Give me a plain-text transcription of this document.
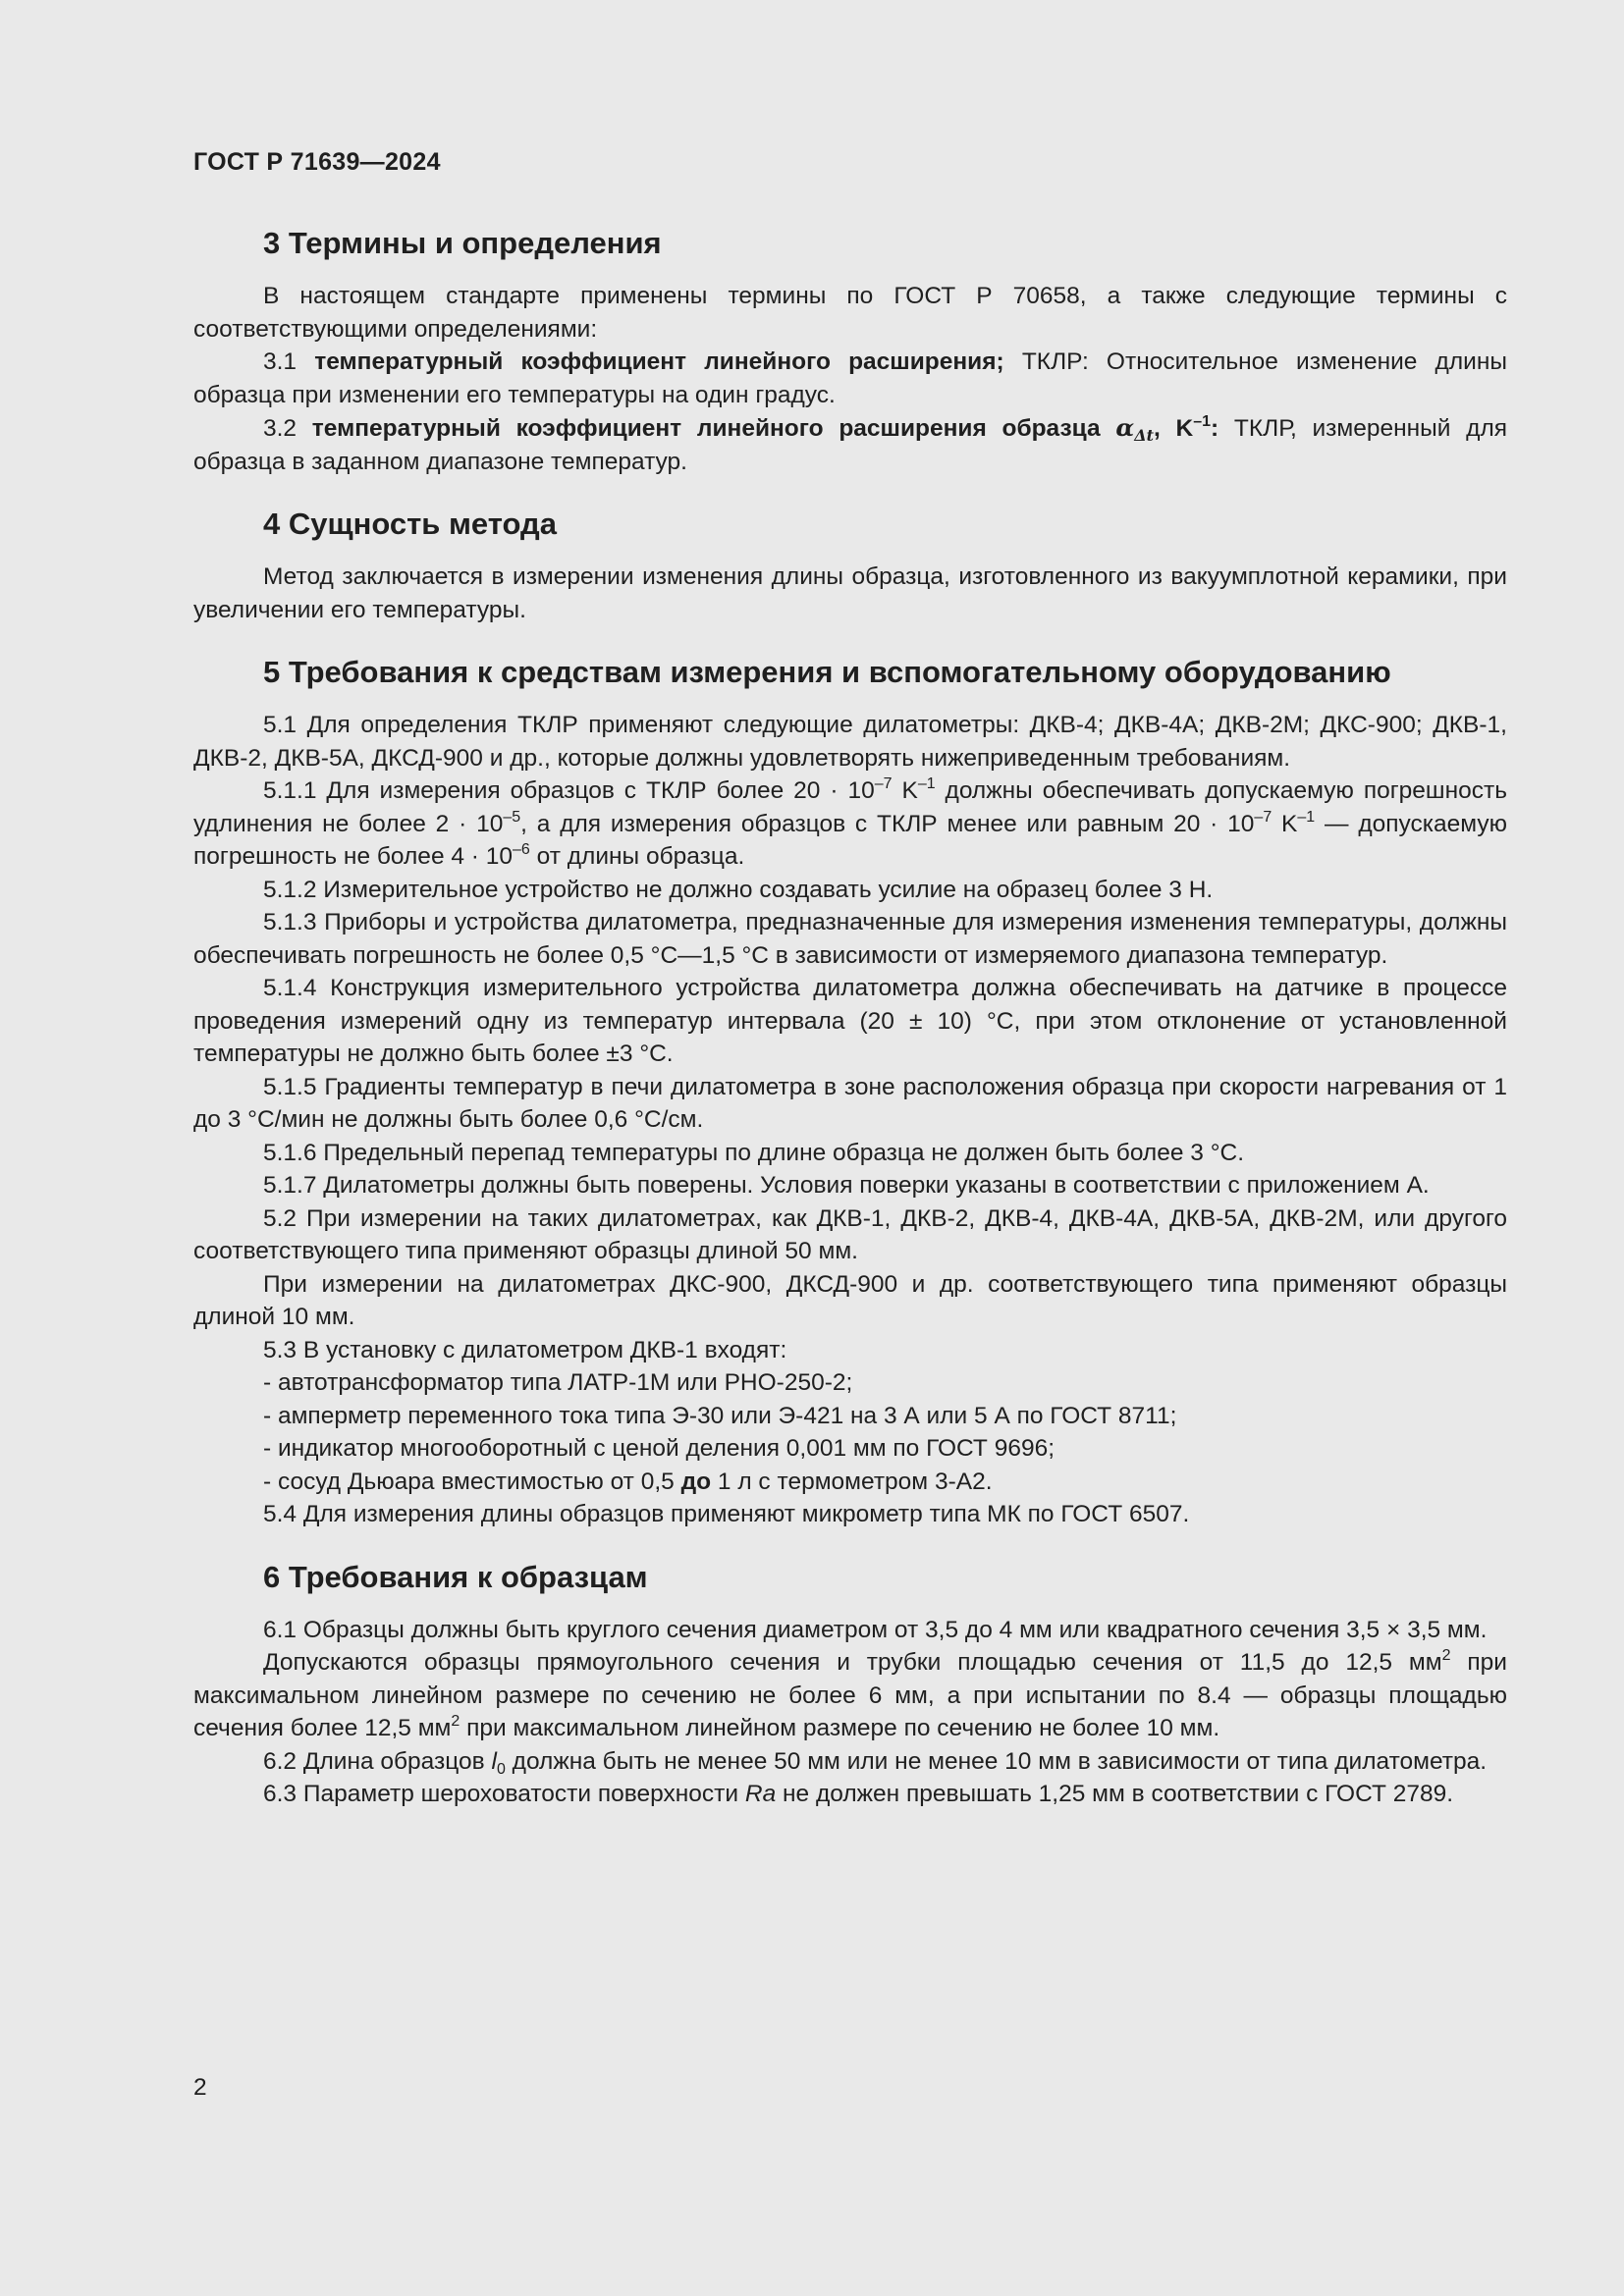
ГОСТ Р 71639—2024
3 Термины и определения

В настоящем стандарте применены термины по ГОСТ Р 70658, а также следующие термины с соответствующими определениями:

3.1 температурный коэффициент линейного расширения; ТКЛР: Относительное изменение длины образца при изменении его температуры на один градус.

3.2 температурный коэффициент линейного расширения образца $\alpha_{\Delta t}$, $K^{-1}$: ТКЛР, измеренный для образца в заданном диапазоне температур.

4 Сущность метода

Метод заключается в измерении изменения длины образца, изготовленного из вакуумплотной керамики, при увеличении его температуры.

5 Требования к средствам измерения и вспомогательному оборудованию

5.1 Для определения ТКЛР применяют следующие дилатометры: ДКВ-4; ДКВ-4А; ДКВ-2М; ДКС-900; ДКВ-1, ДКВ-2, ДКВ-5А, ДКСД-900 и др., которые должны удовлетворять нижеприведенным требованиям.

5.1.1 Для измерения образцов с ТКЛР более $20 \cdot 10^{-7}$ $K^{-1}$ должны обеспечивать допускаемую погрешность удлинения не более $2 \cdot 10^{-5}$, а для измерения образцов с ТКЛР менее или равным $20 \cdot 10^{-7}$ $K^{-1}$ — допускаемую погрешность не более $4 \cdot 10^{-6}$ от длины образца.

5.1.2 Измерительное устройство не должно создавать усилие на образец более 3 Н.

5.1.3 Приборы и устройства дилатометра, предназначенные для измерения изменения температуры, должны обеспечивать погрешность не более 0,5 °С—1,5 °С в зависимости от измеряемого диапазона температур.

5.1.4 Конструкция измерительного устройства дилатометра должна обеспечивать на датчике в процессе проведения измерений одну из температур интервала (20 ± 10) °С, при этом отклонение от установленной температуры не должно быть более ±3 °С.

5.1.5 Градиенты температур в печи дилатометра в зоне расположения образца при скорости нагревания от 1 до 3 °С/мин не должны быть более 0,6 °С/см.

5.1.6 Предельный перепад температуры по длине образца не должен быть более 3 °С.

5.1.7 Дилатометры должны быть поверены. Условия поверки указаны в соответствии с приложением А.

5.2 При измерении на таких дилатометрах, как ДКВ-1, ДКВ-2, ДКВ-4, ДКВ-4А, ДКВ-5А, ДКВ-2М, или другого соответствующего типа применяют образцы длиной 50 мм.

При измерении на дилатометрах ДКС-900, ДКСД-900 и др. соответствующего типа применяют образцы длиной 10 мм.

5.3 В установку с дилатометром ДКВ-1 входят:

- автотрансформатор типа ЛАТР-1М или РНО-250-2;
- амперметр переменного тока типа Э-30 или Э-421 на 3 А или 5 А по ГОСТ 8711;
- индикатор многооборотный с ценой деления 0,001 мм по ГОСТ 9696;
- сосуд Дьюара вместимостью от 0,5 до 1 л с термометром 3-А2.

5.4 Для измерения длины образцов применяют микрометр типа МК по ГОСТ 6507.

6 Требования к образцам

6.1 Образцы должны быть круглого сечения диаметром от 3,5 до 4 мм или квадратного сечения 3,5 × 3,5 мм.

Допускаются образцы прямоугольного сечения и трубки площадью сечения от 11,5 до 12,5 $мм^2$ при максимальном линейном размере по сечению не более 6 мм, а при испытании по 8.4 — образцы площадью сечения более 12,5 $мм^2$ при максимальном линейном размере по сечению не более 10 мм.

6.2 Длина образцов $l_0$ должна быть не менее 50 мм или не менее 10 мм в зависимости от типа дилатометра.

6.3 Параметр шероховатости поверхности Ra не должен превышать 1,25 мм в соответствии с ГОСТ 2789.

2
